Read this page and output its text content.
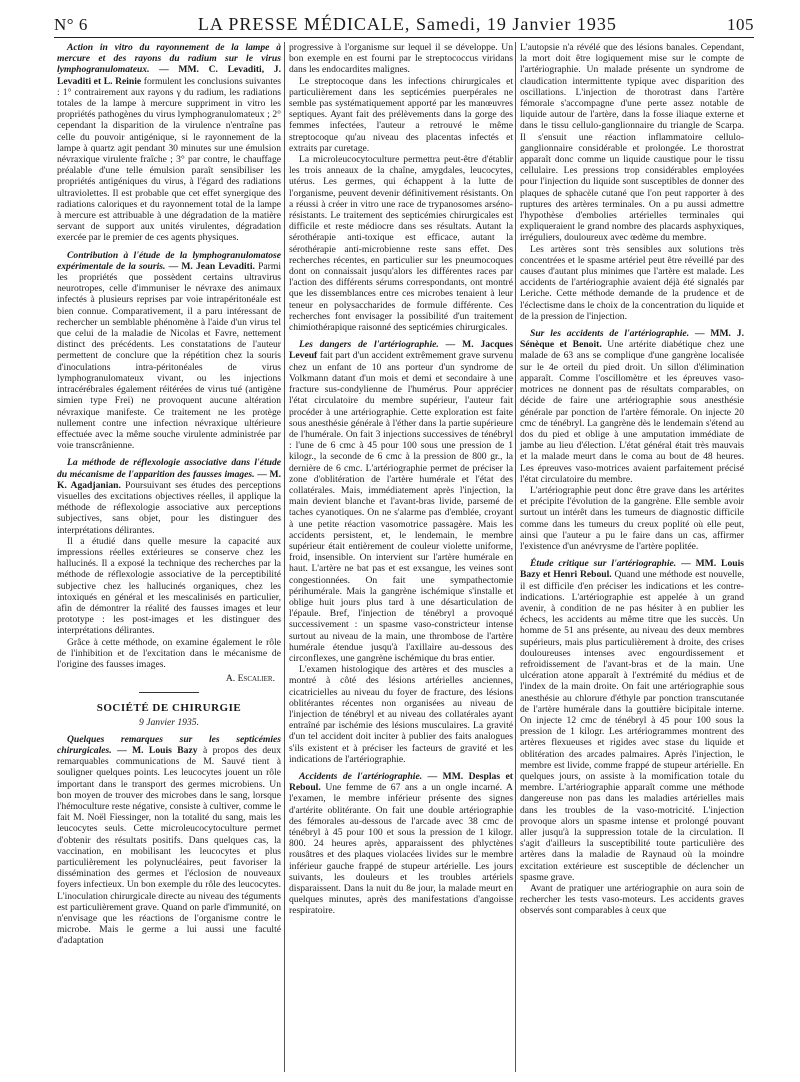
N° 6	LA PRESSE MÉDICALE, Samedi, 19 Janvier 1935	105

Action in vitro du rayonnement de la lampe à mercure et des rayons du radium sur le virus lymphogranulomateux. — MM. C. Levaditi, J. Levaditi et L. Reinie formulent les conclusions suivantes : 1° contrairement aux rayons γ du radium, les radiations totales de la lampe à mercure suppriment in vitro les propriétés pathogènes du virus lymphogranulomateux ; 2° cependant la disparition de la virulence n'entraîne pas celle du pouvoir antigénique, si le rayonnement de la lampe à quartz agit pendant 30 minutes sur une émulsion névraxique virulente fraîche ; 3° par contre, le chauffage préalable d'une telle émulsion paraît sensibiliser les propriétés antigéniques du virus, à l'égard des radiations ultraviolettes. Il est probable que cet effet synergique des radiations caloriques et du rayonnement total de la lampe à mercure est attribuable à une dégradation de la matière servant de support aux unités virulentes, dégradation exercée par le premier de ces agents physiques.

Contribution à l'étude de la lymphogranulomatose expérimentale de la souris. — M. Jean Levaditi. Parmi les propriétés que possèdent certains ultravirus neurotropes, celle d'immuniser le névraxe des animaux infectés à plusieurs reprises par voie intrapéritonéale est bien connue. Comparativement, il a paru intéressant de rechercher un semblable phénomène à l'aide d'un virus tel que celui de la maladie de Nicolas et Favre, nettement distinct des précédents. Les constatations de l'auteur permettent de conclure que la répétition chez la souris d'inoculations intra-péritonéales de virus lymphogranulomateux vivant, ou les injections intracérébrales également réitérées de virus tué (antigène simien type Frei) ne provoquent aucune altération névraxique manifeste. Ce traitement ne les protège nullement contre une infection névraxique ultérieure effectuée avec la même souche virulente administrée par voie transcrânienne.

La méthode de réflexologie associative dans l'étude du mécanisme de l'apparition des fausses images. — M. K. Agadjanian. Poursuivant ses études des perceptions visuelles des excitations objectives réelles, il applique la méthode de réflexologie associative aux perceptions subjectives, sans objet, pour les distinguer des interprétations délirantes.

Il a étudié dans quelle mesure la capacité aux impressions réelles extérieures se conserve chez les hallucinés. Il a exposé la technique des recherches par la méthode de réflexologie associative de la perceptibilité subjective chez les hallucinés organiques, chez les intoxiqués en général et les mescalinisés en particulier, afin de démontrer la réalité des fausses images et leur prototype : les post-images et les distinguer des interprétations délirantes.

Grâce à cette méthode, on examine également le rôle de l'inhibition et de l'excitation dans le mécanisme de l'origine des fausses images.

A. Escalier.
SOCIÉTÉ DE CHIRURGIE
9 Janvier 1935.

Quelques remarques sur les septicémies chirurgicales. — M. Louis Bazy à propos des deux remarquables communications de M. Sauvé tient à souligner quelques points. Les leucocytes jouent un rôle important dans le transport des germes microbiens. Un bon moyen de trouver des microbes dans le sang, lorsque l'hémoculture reste négative, consiste à cultiver, comme le fait M. Noël Fiessinger, non la totalité du sang, mais les leucocytes seuls. Cette microleucocytoculture permet d'obtenir des résultats positifs. Dans quelques cas, la vaccination, en mobilisant les leucocytes et plus particulièrement les polynucléaires, peut favoriser la dissémination des germes et l'éclosion de nouveaux foyers infectieux. Un bon exemple du rôle des leucocytes. L'inoculation chirurgicale directe au niveau des téguments est particulièrement grave. Quand on parle d'immunité, on n'envisage que les réactions de l'organisme contre le microbe. Mais le germe a lui aussi une faculté d'adaptation

progressive à l'organisme sur lequel il se développe. Un bon exemple en est fourni par le streptococcus viridans dans les endocardites malignes.

Le streptocoque dans les infections chirurgicales et particulièrement dans les septicémies puerpérales ne semble pas systématiquement apporté par les manœuvres septiques. Ayant fait des prélèvements dans la gorge des femmes infectées, l'auteur a retrouvé le même streptocoque qu'au niveau des placentas infectés et extraits par curetage.

La microleucocytoculture permettra peut-être d'établir les trois anneaux de la chaîne, amygdales, leucocytes, utérus. Les germes, qui échappent à la lutte de l'organisme, peuvent devenir définitivement résistants. On a réussi à créer in vitro une race de trypanosomes arséno-résistants. Le traitement des septicémies chirurgicales est difficile et reste médiocre dans ses résultats. Autant la sérothérapie anti-toxique est efficace, autant la sérothérapie anti-microbienne reste sans effet. Des recherches récentes, en particulier sur les pneumocoques dont on connaissait jusqu'alors les différentes races par l'action des différents sérums correspondants, ont montré que les dissemblances entre ces microbes tenaient à leur teneur en polysaccharides de formule différente. Ces recherches font envisager la possibilité d'un traitement chimiothérapique raisonné des septicémies chirurgicales.

Les dangers de l'artériographie. — M. Jacques Leveuf fait part d'un accident extrêmement grave survenu chez un enfant de 10 ans porteur d'un syndrome de Volkmann datant d'un mois et demi et secondaire à une fracture sus-condylienne de l'humérus. Pour apprécier l'état circulatoire du membre supérieur, l'auteur fait procéder à une artériographie. Cette exploration est faite sous anesthésie générale à l'éther dans la partie supérieure de l'humérale. On fait 3 injections successives de ténébryl : l'une de 6 cmc à 45 pour 100 sous une pression de 1 kilogr., la seconde de 6 cmc à la pression de 800 gr., la dernière de 6 cmc. L'artériographie permet de préciser la zone d'oblitération de l'artère humérale et l'état des collatérales. Mais, immédiatement après l'injection, la main devient blanche et l'avant-bras livide, parsemé de taches cyanotiques. On ne s'alarme pas d'emblée, croyant à une petite réaction vasomotrice passagère. Mais les accidents persistent, et, le lendemain, le membre supérieur était entièrement de couleur violette uniforme, froid, insensible. On intervient sur l'artère humérale en haut. L'artère ne bat pas et est exsangue, les veines sont congestionnées. On fait une sympathectomie périhumérale. Mais la gangrène ischémique s'installe et oblige huit jours plus tard à une désarticulation de l'épaule. Bref, l'injection de ténébryl a provoqué successivement : un spasme vaso-constricteur intense surtout au niveau de la main, une thrombose de l'artère humérale étendue jusqu'à l'axillaire au-dessous des circonflexes, une gangrène ischémique du bras entier.

L'examen histologique des artères et des muscles a montré à côté des lésions artérielles anciennes, cicatricielles au niveau du foyer de fracture, des lésions oblitérantes récentes non organisées au niveau de l'injection de ténébryl et au niveau des collatérales ayant entraîné par ischémie des lésions musculaires. La gravité d'un tel accident doit inciter à publier des faits analogues s'ils existent et à préciser les facteurs de gravité et les indications de l'artériographie.

Accidents de l'artériographie. — MM. Desplas et Reboul. Une femme de 67 ans a un ongle incarné. A l'examen, le membre inférieur présente des signes d'artérite oblitérante. On fait une double artériographie des fémorales au-dessous de l'arcade avec 38 cmc de ténébryl à 45 pour 100 et sous la pression de 1 kilogr. 800. 24 heures après, apparaissent des phlyctènes rousâtres et des plaques violacées livides sur le membre inférieur gauche frappé de stupeur artérielle. Les jours suivants, les douleurs et les troubles artériels disparaissent. Dans la nuit du 8e jour, la malade meurt en quelques minutes, après des manifestations d'angoisse respiratoire.

L'autopsie n'a révélé que des lésions banales. Cependant, la mort doit être logiquement mise sur le compte de l'artériographie. Un malade présente un syndrome de claudication intermittente typique avec disparition des oscillations. L'injection de thorotrast dans l'artère fémorale s'accompagne d'une perte assez notable de liquide autour de l'artère, dans la fosse iliaque externe et dans le tissu cellulo-ganglionnaire du triangle de Scarpa. Il s'ensuit une réaction inflammatoire cellulo-ganglionnaire considérable et prolongée. Le thorostrat apparaît donc comme un liquide caustique pour le tissu cellulaire. Les pressions trop considérables employées pour l'injection du liquide sont susceptibles de donner des plaques de sphacèle cutané que l'on peut rapporter à des ruptures des artères terminales. On a pu aussi admettre l'hypothèse d'embolies artérielles terminales qui expliqueraient le grand nombre des placards asphyxiques, irréguliers, douloureux avec œdème du membre.

Les artères sont très sensibles aux solutions très concentrées et le spasme artériel peut être réveillé par des causes d'autant plus minimes que l'artère est malade. Les accidents de l'artériographie avaient déjà été signalés par Leriche. Cette méthode demande de la prudence et de l'éclectisme dans le choix de la concentration du liquide et de la pression de l'injection.

Sur les accidents de l'artériographie. — MM. J. Sénèque et Benoit. Une artérite diabétique chez une malade de 63 ans se complique d'une gangrène localisée sur le 4e orteil du pied droit. Un sillon d'élimination apparaît. Comme l'oscillomètre et les épreuves vaso-motrices ne donnent pas de résultats comparables, on décide de faire une artériographie sous anesthésie générale par ponction de l'artère fémorale. On injecte 20 cmc de ténébryl. La gangrène dès le lendemain s'étend au dos du pied et oblige à une amputation immédiate de jambe au lieu d'élection. L'état général était très mauvais et la malade meurt dans le coma au bout de 48 heures. Les épreuves vaso-motrices avaient parfaitement précisé l'état circulatoire du membre.

L'artériographie peut donc être grave dans les artérites et précipite l'évolution de la gangrène. Elle semble avoir surtout un intérêt dans les tumeurs de diagnostic difficile comme dans les tumeurs du creux poplité où elle peut, ainsi que l'auteur a pu le faire dans un cas, affirmer l'existence d'un anévrysme de l'artère poplitée.

Étude critique sur l'artériographie. — MM. Louis Bazy et Henri Reboul. Quand une méthode est nouvelle, il est difficile d'en préciser les indications et les contre-indications. L'artériographie est appelée à un grand avenir, à condition de ne pas hésiter à en publier les échecs, les accidents au même titre que les succès. Un homme de 51 ans présente, au niveau des deux membres supérieurs, mais plus particulièrement à droite, des crises douloureuses intenses avec engourdissement et refroidissement de l'avant-bras et de la main. Une ulcération atone apparaît à l'extrémité du médius et de l'index de la main droite. On fait une artériographie sous anesthésie au chlorure d'éthyle par ponction transcutanée de l'artère humérale dans la gouttière bicipitale interne. On injecte 12 cmc de ténébryl à 45 pour 100 sous la pression de 1 kilogr. Les artériogrammes montrent des artères flexueuses et rigides avec stase du liquide et oblitération des arcades palmaires. Après l'injection, le membre est livide, comme frappé de stupeur artérielle. En quelques jours, on assiste à la momification totale du membre. L'artériographie apparaît comme une méthode dangereuse non pas dans les maladies artérielles mais dans les troubles de la vaso-motricité. L'injection provoque alors un spasme intense et prolongé pouvant aller jusqu'à la suppression totale de la circulation. Il s'agit d'ailleurs la susceptibilité toute particulière des artères dans la maladie de Raynaud où la moindre excitation extérieure est susceptible de déclencher un spasme grave.

Avant de pratiquer une artériographie on aura soin de rechercher les tests vaso-moteurs. Les accidents graves observés sont comparables à ceux que
